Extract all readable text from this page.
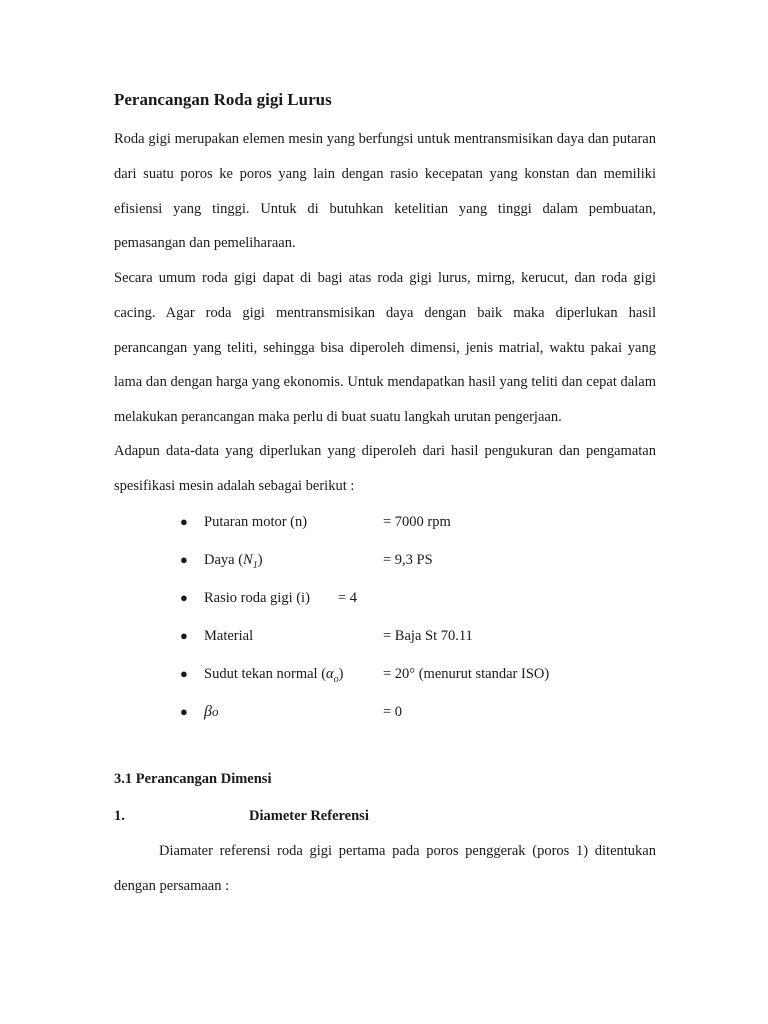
Perancangan Roda gigi Lurus

Roda gigi merupakan elemen mesin yang berfungsi untuk mentransmisikan daya dan putaran dari suatu poros ke poros yang lain dengan rasio kecepatan yang konstan dan memiliki efisiensi yang tinggi. Untuk di butuhkan ketelitian yang tinggi dalam pembuatan, pemasangan dan pemeliharaan.

Secara umum roda gigi dapat di bagi atas roda gigi lurus, mirng, kerucut, dan roda gigi cacing. Agar roda gigi mentransmisikan daya dengan baik maka diperlukan hasil perancangan yang teliti, sehingga bisa diperoleh dimensi, jenis matrial, waktu pakai yang lama dan dengan harga yang ekonomis. Untuk mendapatkan hasil yang teliti dan cepat dalam melakukan perancangan maka perlu di buat suatu langkah urutan pengerjaan.

Adapun data-data yang diperlukan yang diperoleh dari hasil pengukuran dan pengamatan spesifikasi mesin adalah sebagai berikut :

● Putaran motor (n)	= 7000 rpm
● Daya $(N_1)$	= 9,3 PS
● Rasio roda gigi (i) = 4
● Material	= Baja St 70.11
● Sudut tekan normal $(\alpha_o)$	= 20° (menurut standar ISO)
● βo	= 0
3.1 Perancangan Dimensi
1.	Diameter Referensi

Diamater referensi roda gigi pertama pada poros penggerak (poros 1) ditentukan dengan persamaan :
